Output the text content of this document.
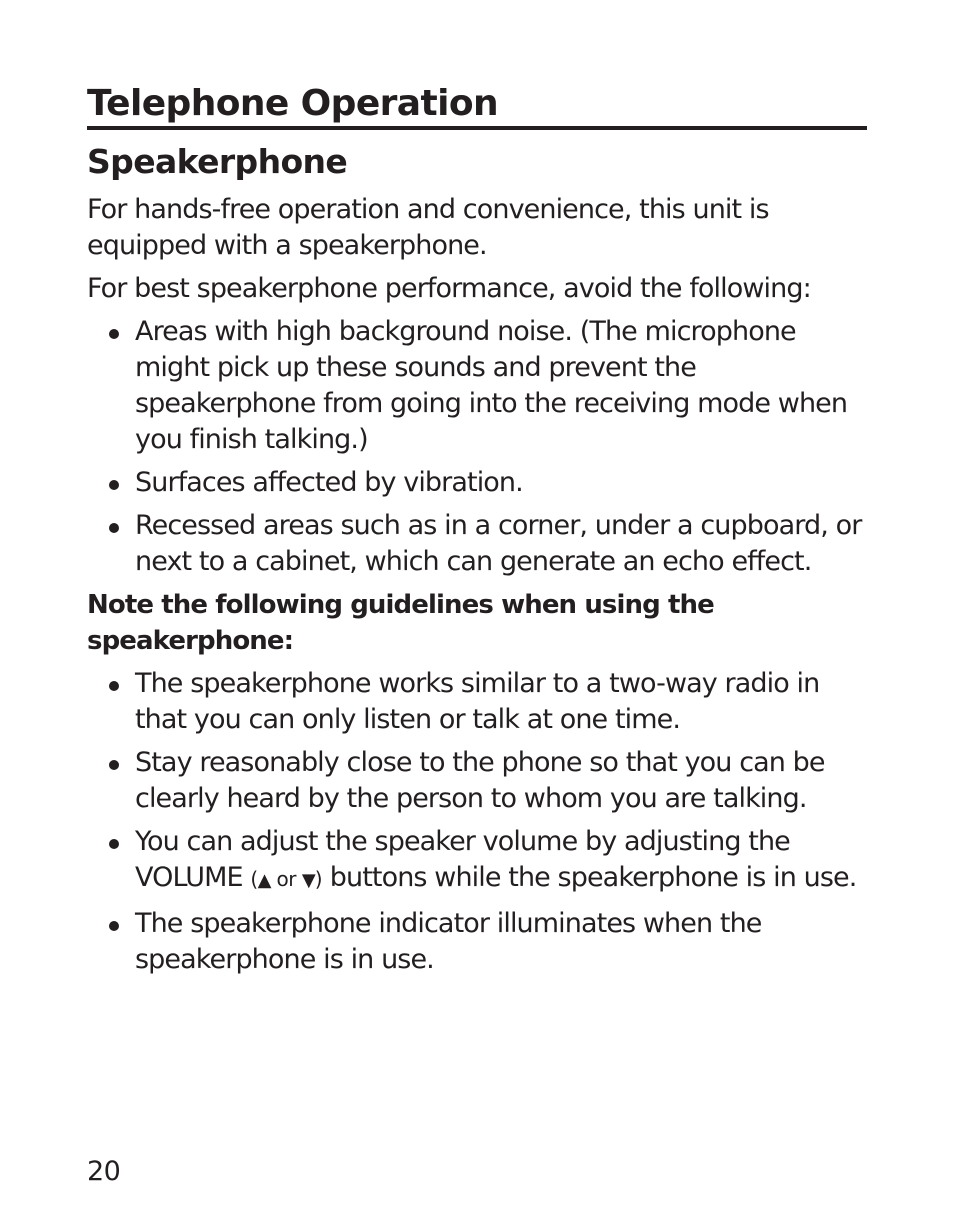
Telephone Operation
Speakerphone

For hands-free operation and convenience, this unit is equipped with a speakerphone.

For best speakerphone performance, avoid the following:

Areas with high background noise. (The microphone might pick up these sounds and prevent the speakerphone from going into the receiving mode when you finish talking.)
Surfaces affected by vibration.
Recessed areas such as in a corner, under a cupboard, or next to a cabinet, which can generate an echo effect.

Note the following guidelines when using the speakerphone:

The speakerphone works similar to a two-way radio in that you can only listen or talk at one time.
Stay reasonably close to the phone so that you can be clearly heard by the person to whom you are talking.
You can adjust the speaker volume by adjusting the VOLUME (▲ or ▼) buttons while the speakerphone is in use.
The speakerphone indicator illuminates when the speakerphone is in use.

20
